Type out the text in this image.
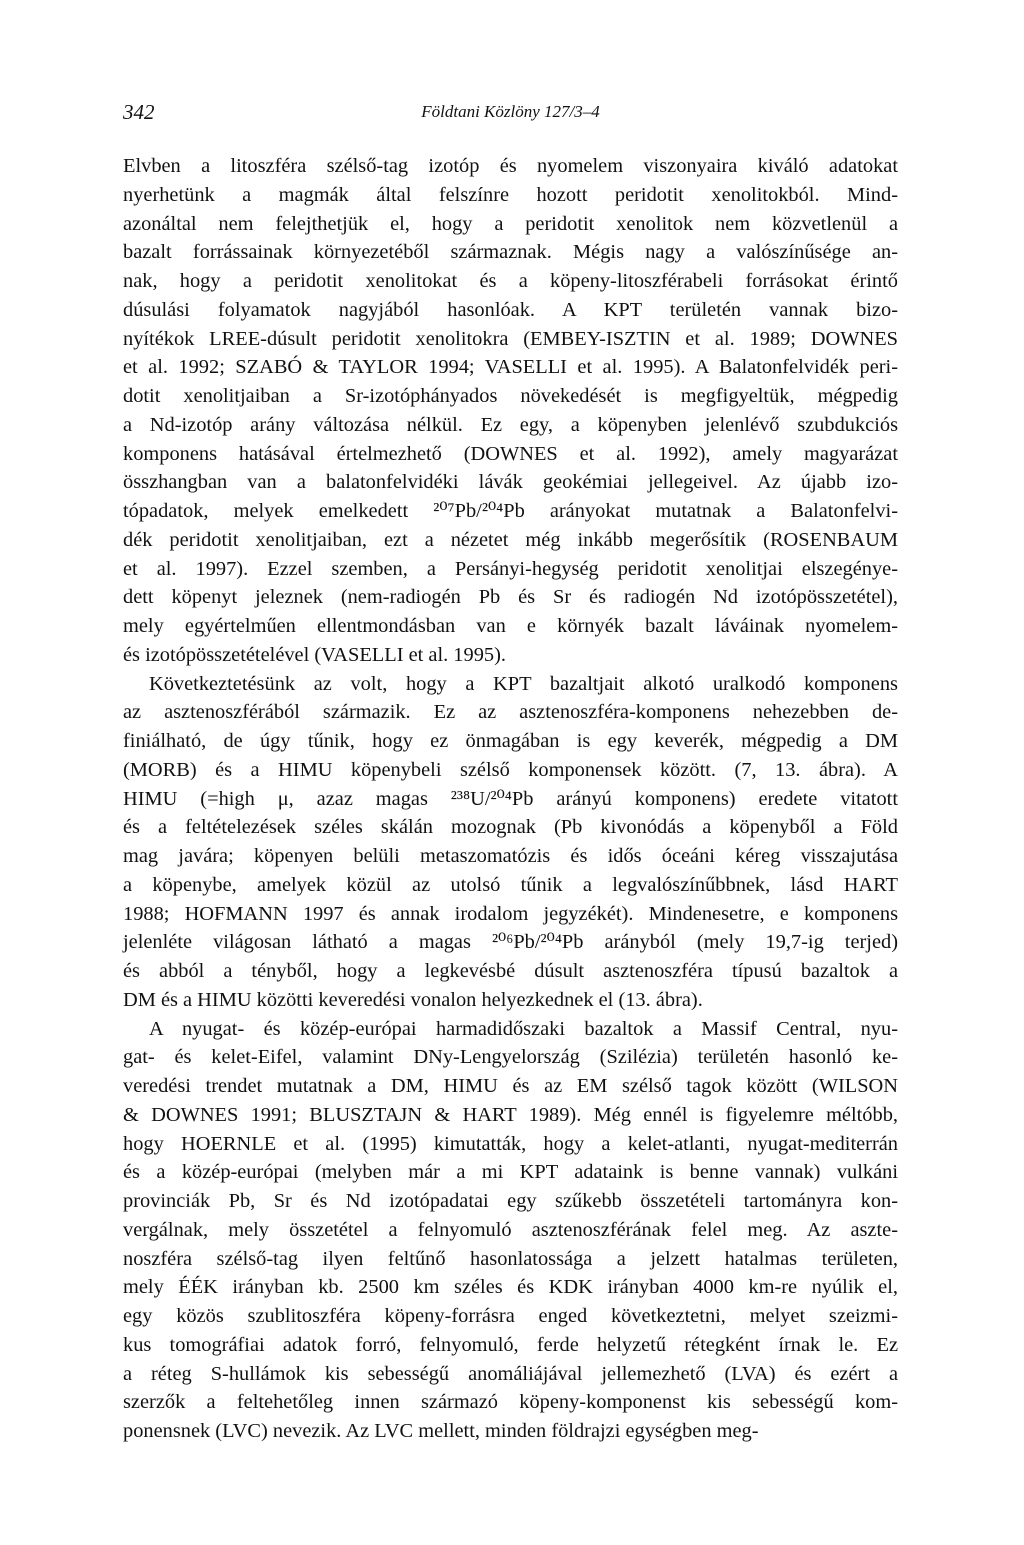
342	Földtani Közlöny 127/3–4

Elvben a litoszféra szélső-tag izotóp és nyomelem viszonyaira kiváló adatokat
nyerhetünk a magmák által felszínre hozott peridotit xenolitokból. Mind-
azonáltal nem felejthetjük el, hogy a peridotit xenolitok nem közvetlenül a
bazalt forrássainak környezetéből származnak. Mégis nagy a valószínűsége an-
nak, hogy a peridotit xenolitokat és a köpeny-litoszférabeli forrásokat érintő
dúsulási folyamatok nagyjából hasonlóak. A KPT területén vannak bizo-
nyítékok LREE-dúsult peridotit xenolitokra (EMBEY-ISZTIN et al. 1989; DOWNES
et al. 1992; SZABÓ & TAYLOR 1994; VASELLI et al. 1995). A Balatonfelvidék peri-
dotit xenolitjaiban a Sr-izotóphányados növekedését is megfigyeltük, mégpedig
a Nd-izotóp arány változása nélkül. Ez egy, a köpenyben jelenlévő szubdukciós
komponens hatásával értelmezhető (DOWNES et al. 1992), amely magyarázat
összhangban van a balatonfelvidéki lávák geokémiai jellegeivel. Az újabb izo-
tópadatok, melyek emelkedett ²⁰⁷Pb/²⁰⁴Pb arányokat mutatnak a Balatonfelvi-
dék peridotit xenolitjaiban, ezt a nézetet még inkább megerősítik (ROSENBAUM
et al. 1997). Ezzel szemben, a Persányi-hegység peridotit xenolitjai elszegénye-
dett köpenyt jeleznek (nem-radiogén Pb és Sr és radiogén Nd izotópösszetétel),
mely egyértelműen ellentmondásban van e környék bazalt láváinak nyomelem-
és izotópösszetételével (VASELLI et al. 1995).

Következtetésünk az volt, hogy a KPT bazaltjait alkotó uralkodó komponens
az asztenoszférából származik. Ez az asztenoszféra-komponens nehezebben de-
finiálható, de úgy tűnik, hogy ez önmagában is egy keverék, mégpedig a DM
(MORB) és a HIMU köpenybeli szélső komponensek között. (7, 13. ábra). A
HIMU (=high μ, azaz magas ²³⁸U/²⁰⁴Pb arányú komponens) eredete vitatott
és a feltételezések széles skálán mozognak (Pb kivonódás a köpenyből a Föld
mag javára; köpenyen belüli metaszomatózis és idős óceáni kéreg visszajutása
a köpenybe, amelyek közül az utolsó tűnik a legvalószínűbbnek, lásd HART
1988; HOFMANN 1997 és annak irodalom jegyzékét). Mindenesetre, e komponens
jelenléte világosan látható a magas ²⁰⁶Pb/²⁰⁴Pb arányból (mely 19,7-ig terjed)
és abból a tényből, hogy a legkevésbé dúsult asztenoszféra típusú bazaltok a
DM és a HIMU közötti keveredési vonalon helyezkednek el (13. ábra).

A nyugat- és közép-európai harmadidőszaki bazaltok a Massif Central, nyu-
gat- és kelet-Eifel, valamint DNy-Lengyelország (Szilézia) területén hasonló ke-
veredési trendet mutatnak a DM, HIMU és az EM szélső tagok között (WILSON
& DOWNES 1991; BLUSZTAJN & HART 1989). Még ennél is figyelemre méltóbb,
hogy HOERNLE et al. (1995) kimutatták, hogy a kelet-atlanti, nyugat-mediterrán
és a közép-európai (melyben már a mi KPT adataink is benne vannak) vulkáni
provinciák Pb, Sr és Nd izotópadatai egy szűkebb összetételi tartományra kon-
vergálnak, mely összetétel a felnyomuló asztenoszférának felel meg. Az aszte-
noszféra szélső-tag ilyen feltűnő hasonlatossága a jelzett hatalmas területen,
mely ÉÉK irányban kb. 2500 km széles és KDK irányban 4000 km-re nyúlik el,
egy közös szublitoszféra köpeny-forrásra enged következtetni, melyet szeizmi-
kus tomográfiai adatok forró, felnyomuló, ferde helyzetű rétegként írnak le. Ez
a réteg S-hullámok kis sebességű anomáliájával jellemezhető (LVA) és ezért a
szerzők a feltehetőleg innen származó köpeny-komponenst kis sebességű kom-
ponensnek (LVC) nevezik. Az LVC mellett, minden földrajzi egységben meg-
